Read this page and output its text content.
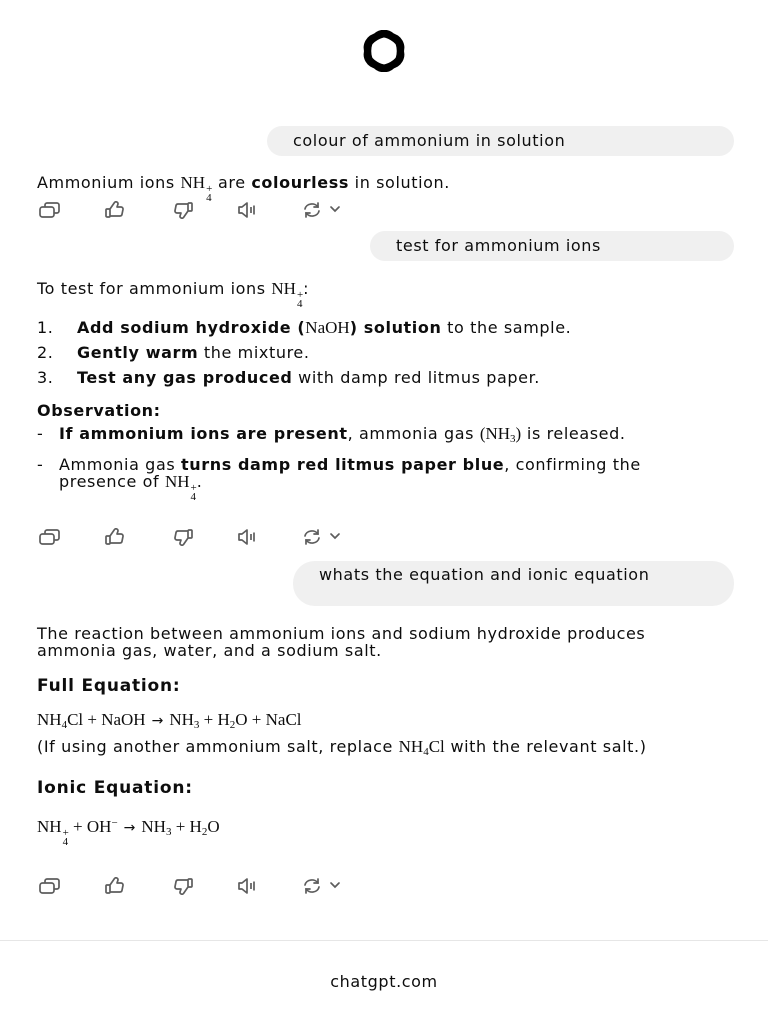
colour of ammonium in solution
Ammonium ions NH +
4
are colourless in solution.
test for ammonium ions
To test for ammonium ions NH +
4
:
1. Add sodium hydroxide (NaOH) solution to the sample.
2. Gently warm the mixture.
3. Test any gas produced with damp red litmus paper.
Observation:
- If ammonium ions are present, ammonia gas $(NH_3)$ is released.
- Ammonia gas turns damp red litmus paper blue, confirming the presence of NH +
4
.
whats the equation and ionic equation
The reaction between ammonium ions and sodium hydroxide produces ammonia gas, water, and a sodium salt.
Full Equation:
$NH_4Cl$ + NaOH → $NH_3 + H_2O$ + NaCl
(If using another ammonium salt, replace $NH_4Cl$ with the relevant salt.)
Ionic Equation:
NH +
4
+ $OH^- \to NH_3 + H_2O$
chatgpt.com
